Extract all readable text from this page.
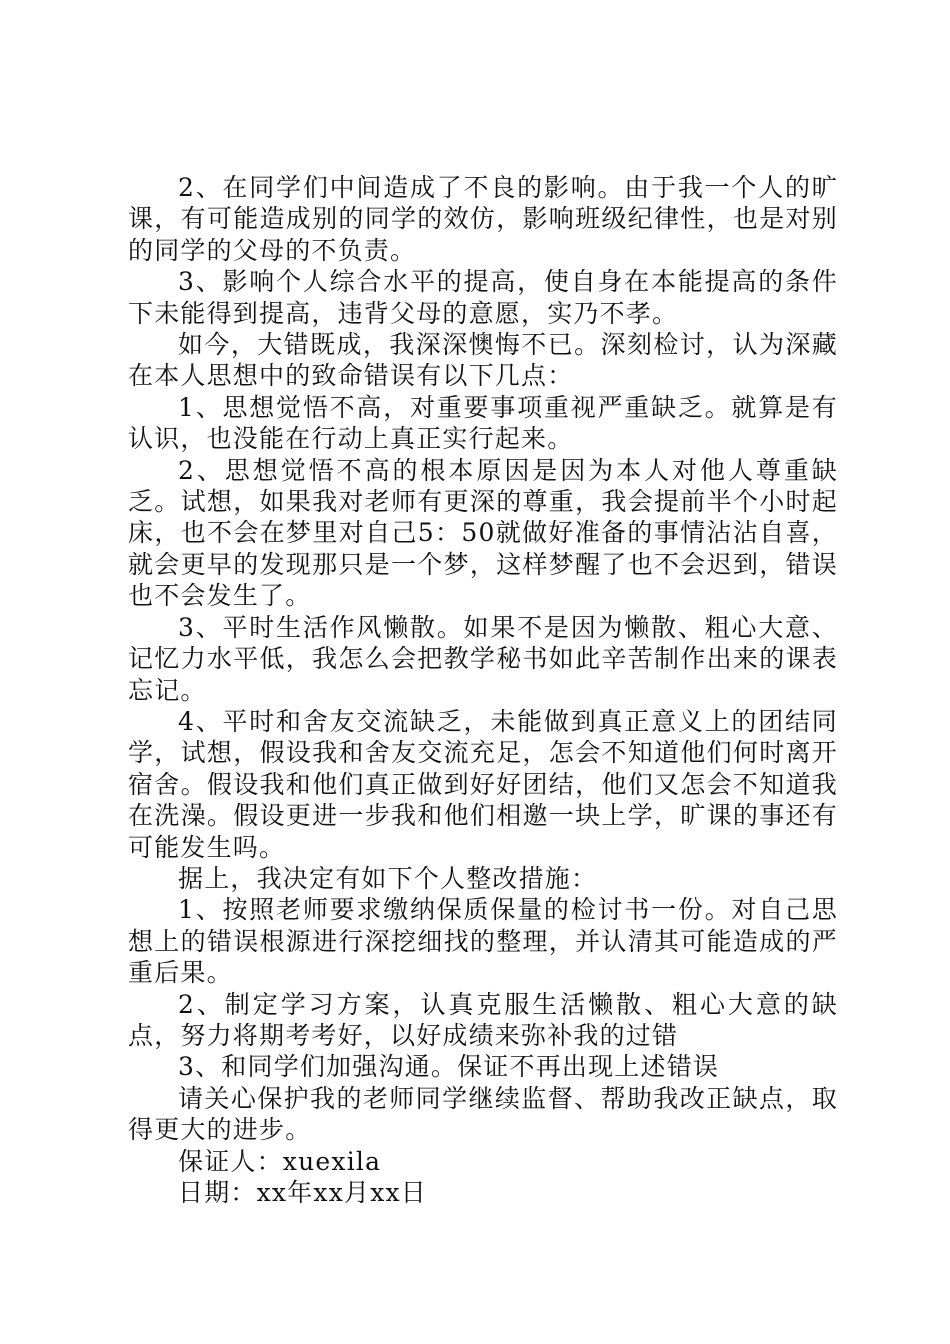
2、在同学们中间造成了不良的影响。由于我一个人的旷课，有可能造成别的同学的效仿，影响班级纪律性，也是对别的同学的父母的不负责。

3、影响个人综合水平的提高，使自身在本能提高的条件下未能得到提高，违背父母的意愿，实乃不孝。

如今，大错既成，我深深懊悔不已。深刻检讨，认为深藏在本人思想中的致命错误有以下几点：

1、思想觉悟不高，对重要事项重视严重缺乏。就算是有认识，也没能在行动上真正实行起来。

2、思想觉悟不高的根本原因是因为本人对他人尊重缺乏。试想，如果我对老师有更深的尊重，我会提前半个小时起床，也不会在梦里对自己5：50就做好准备的事情沾沾自喜，就会更早的发现那只是一个梦，这样梦醒了也不会迟到，错误也不会发生了。

3、平时生活作风懒散。如果不是因为懒散、粗心大意、记忆力水平低，我怎么会把教学秘书如此辛苦制作出来的课表忘记。

4、平时和舍友交流缺乏，未能做到真正意义上的团结同学，试想，假设我和舍友交流充足，怎会不知道他们何时离开宿舍。假设我和他们真正做到好好团结，他们又怎会不知道我在洗澡。假设更进一步我和他们相邀一块上学，旷课的事还有可能发生吗。

据上，我决定有如下个人整改措施：

1、按照老师要求缴纳保质保量的检讨书一份。对自己思想上的错误根源进行深挖细找的整理，并认清其可能造成的严重后果。

2、制定学习方案，认真克服生活懒散、粗心大意的缺点，努力将期考考好，以好成绩来弥补我的过错

3、和同学们加强沟通。保证不再出现上述错误

请关心保护我的老师同学继续监督、帮助我改正缺点，取得更大的进步。

保证人：xuexila

日期：xx年xx月xx日
